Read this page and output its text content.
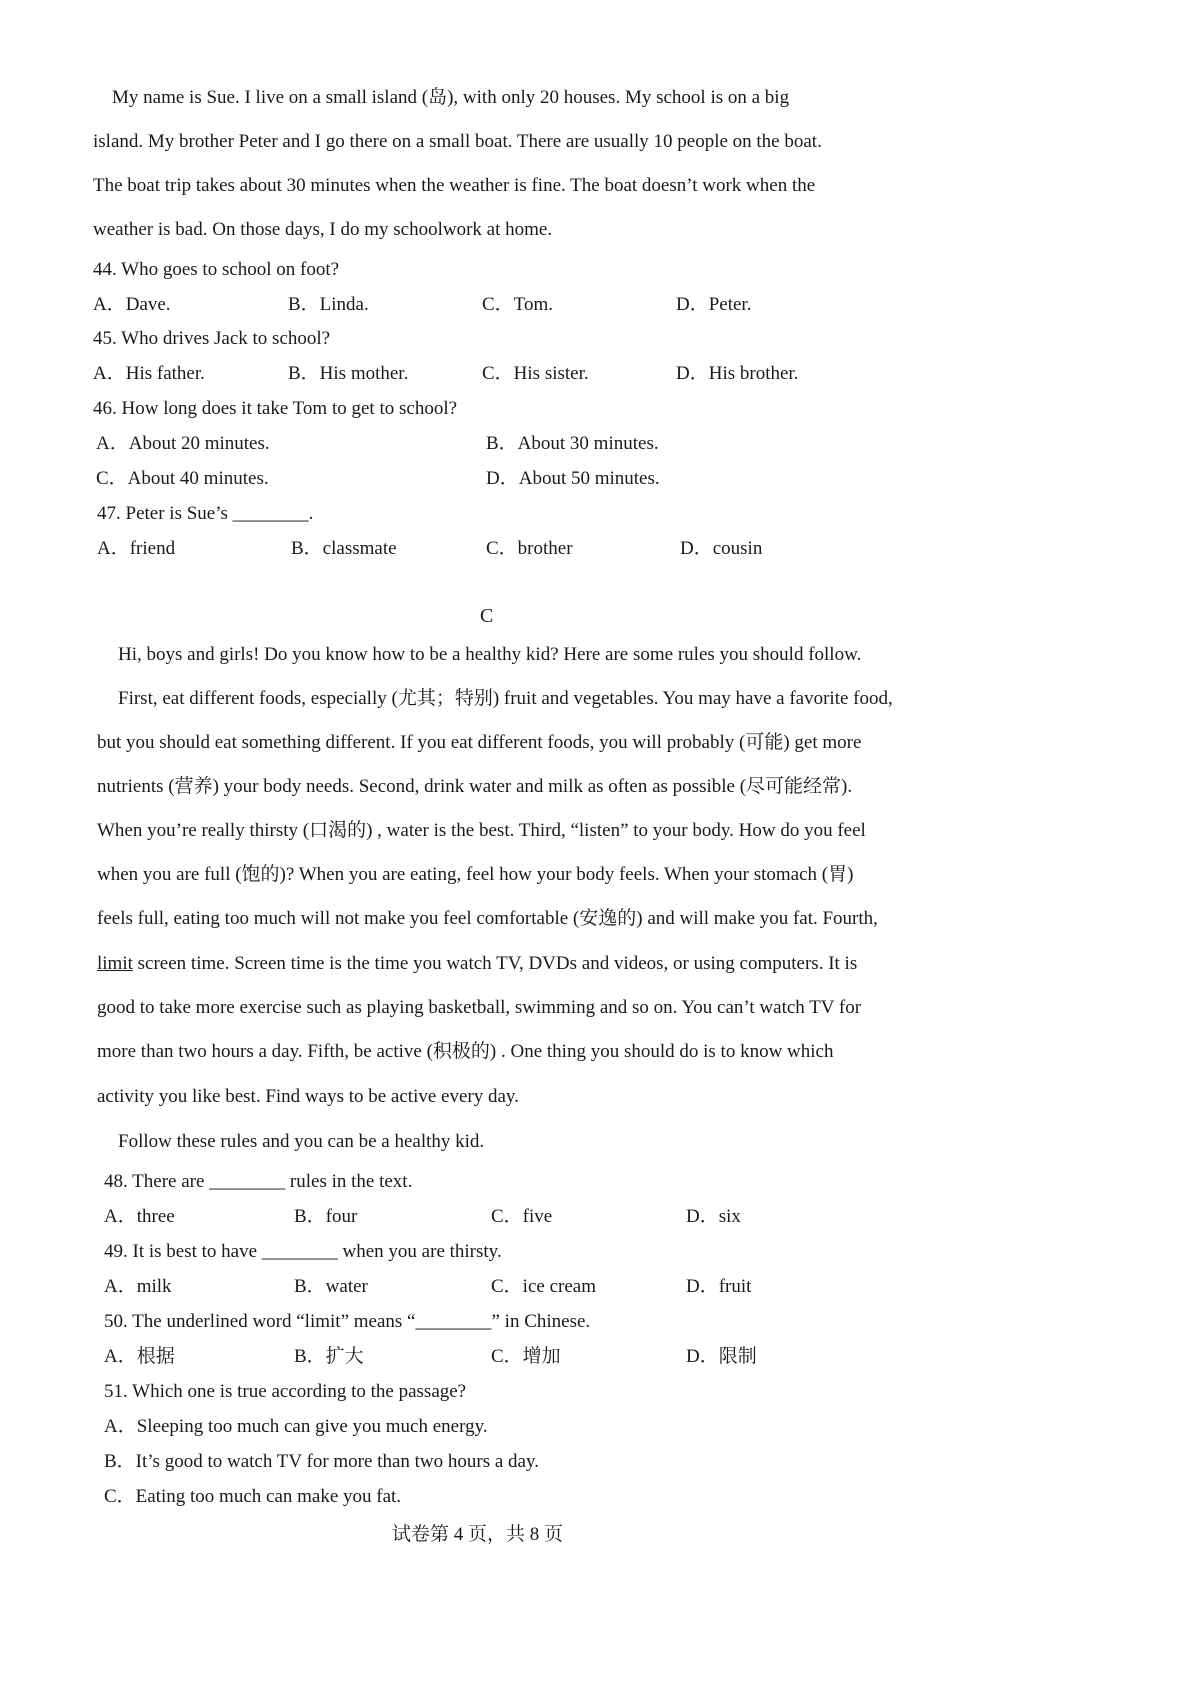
My name is Sue. I live on a small island (岛), with only 20 houses. My school is on a big
island. My brother Peter and I go there on a small boat. There are usually 10 people on the boat.
The boat trip takes about 30 minutes when the weather is fine. The boat doesn’t work when the
weather is bad. On those days, I do my schoolwork at home.
44. Who goes to school on foot?
A．Dave.	B．Linda.	C．Tom.	D．Peter.
45. Who drives Jack to school?
A．His father.	B．His mother.	C．His sister.	D．His brother.
46. How long does it take Tom to get to school?
A．About 20 minutes.	B．About 30 minutes.
C．About 40 minutes.	D．About 50 minutes.
47. Peter is Sue’s ________.
A．friend	B．classmate	C．brother	D．cousin
C
Hi, boys and girls! Do you know how to be a healthy kid? Here are some rules you should follow.
First, eat different foods, especially (尤其；特别) fruit and vegetables. You may have a favorite food,
but you should eat something different. If you eat different foods, you will probably (可能) get more
nutrients (营养) your body needs. Second, drink water and milk as often as possible (尽可能经常).
When you’re really thirsty (口渴的) , water is the best. Third, “listen” to your body. How do you feel
when you are full (饱的)? When you are eating, feel how your body feels. When your stomach (胃)
feels full, eating too much will not make you feel comfortable (安逸的) and will make you fat. Fourth,
limit screen time. Screen time is the time you watch TV, DVDs and videos, or using computers. It is
good to take more exercise such as playing basketball, swimming and so on. You can’t watch TV for
more than two hours a day. Fifth, be active (积极的) . One thing you should do is to know which
activity you like best. Find ways to be active every day.
Follow these rules and you can be a healthy kid.
48. There are ________ rules in the text.
A．three	B．four	C．five	D．six
49. It is best to have ________ when you are thirsty.
A．milk	B．water	C．ice cream	D．fruit
50. The underlined word “limit” means “________” in Chinese.
A．根据	B．扩大	C．增加	D．限制
51. Which one is true according to the passage?
A．Sleeping too much can give you much energy.
B．It’s good to watch TV for more than two hours a day.
C．Eating too much can make you fat.
试卷第 4 页，共 8 页
